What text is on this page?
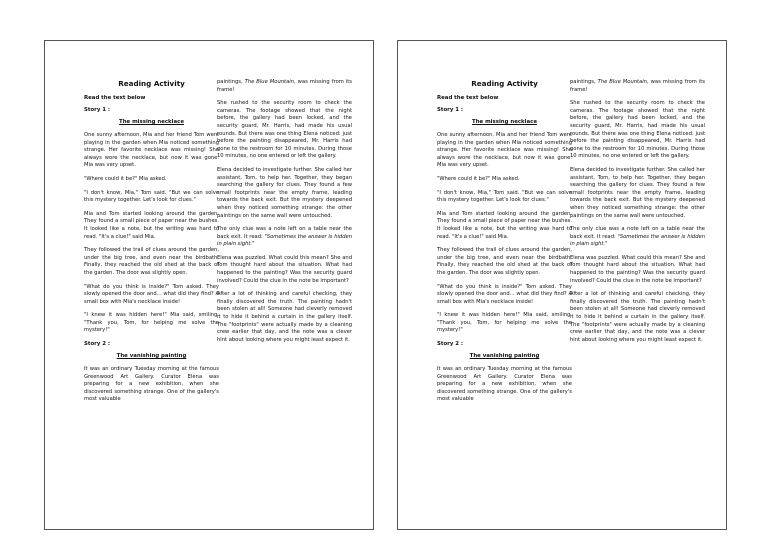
Reading Activity
Read the text below
Story 1 :
The missing necklace

One sunny afternoon, Mia and her friend Tom were playing in the garden when Mia noticed something strange. Her favorite necklace was missing! She always wore the necklace, but now it was gone. Mia was very upset.

"Where could it be?" Mia asked.

"I don't know, Mia," Tom said. "But we can solve this mystery together. Let's look for clues."

Mia and Tom started looking around the garden. They found a small piece of paper near the bushes. It looked like a note, but the writing was hard to read. "It's a clue!" said Mia.

They followed the trail of clues around the garden, under the big tree, and even near the birdbath. Finally, they reached the old shed at the back of the garden. The door was slightly open.

"What do you think is inside?" Tom asked. They slowly opened the door and... what did they find? A small box with Mia's necklace inside!

"I knew it was hidden here!" Mia said, smiling. "Thank you, Tom, for helping me solve the mystery!"

Story 2 :
The vanishing painting

It was an ordinary Tuesday morning at the famous Greenwood Art Gallery. Curator Elena was preparing for a new exhibition, when she discovered something strange. One of the gallery's most valuable

paintings, The Blue Mountain, was missing from its frame!

She rushed to the security room to check the cameras. The footage showed that the night before, the gallery had been locked, and the security guard, Mr. Harris, had made his usual rounds. But there was one thing Elena noticed: just before the painting disappeared, Mr. Harris had gone to the restroom for 10 minutes. During those 10 minutes, no one entered or left the gallery.

Elena decided to investigate further. She called her assistant, Tom, to help her. Together, they began searching the gallery for clues. They found a few small footprints near the empty frame, leading towards the back exit. But the mystery deepened when they noticed something strange: the other paintings on the same wall were untouched.

The only clue was a note left on a table near the back exit. It read: "Sometimes the answer is hidden in plain sight."

Elena was puzzled. What could this mean? She and Tom thought hard about the situation. What had happened to the painting? Was the security guard involved? Could the clue in the note be important?

After a lot of thinking and careful checking, they finally discovered the truth. The painting hadn't been stolen at all! Someone had cleverly removed it to hide it behind a curtain in the gallery itself. The "footprints" were actually made by a cleaning crew earlier that day, and the note was a clever hint about looking where you might least expect it.

Reading Activity
Read the text below
Story 1 :
The missing necklace

One sunny afternoon, Mia and her friend Tom were playing in the garden when Mia noticed something strange. Her favorite necklace was missing! She always wore the necklace, but now it was gone. Mia was very upset.

"Where could it be?" Mia asked.

"I don't know, Mia," Tom said. "But we can solve this mystery together. Let's look for clues."

Mia and Tom started looking around the garden. They found a small piece of paper near the bushes. It looked like a note, but the writing was hard to read. "It's a clue!" said Mia.

They followed the trail of clues around the garden, under the big tree, and even near the birdbath. Finally, they reached the old shed at the back of the garden. The door was slightly open.

"What do you think is inside?" Tom asked. They slowly opened the door and... what did they find? A small box with Mia's necklace inside!

"I knew it was hidden here!" Mia said, smiling. "Thank you, Tom, for helping me solve the mystery!"

Story 2 :
The vanishing painting

It was an ordinary Tuesday morning at the famous Greenwood Art Gallery. Curator Elena was preparing for a new exhibition, when she discovered something strange. One of the gallery's most valuable

paintings, The Blue Mountain, was missing from its frame!

She rushed to the security room to check the cameras. The footage showed that the night before, the gallery had been locked, and the security guard, Mr. Harris, had made his usual rounds. But there was one thing Elena noticed: just before the painting disappeared, Mr. Harris had gone to the restroom for 10 minutes. During those 10 minutes, no one entered or left the gallery.

Elena decided to investigate further. She called her assistant, Tom, to help her. Together, they began searching the gallery for clues. They found a few small footprints near the empty frame, leading towards the back exit. But the mystery deepened when they noticed something strange: the other paintings on the same wall were untouched.

The only clue was a note left on a table near the back exit. It read: "Sometimes the answer is hidden in plain sight."

Elena was puzzled. What could this mean? She and Tom thought hard about the situation. What had happened to the painting? Was the security guard involved? Could the clue in the note be important?

After a lot of thinking and careful checking, they finally discovered the truth. The painting hadn't been stolen at all! Someone had cleverly removed it to hide it behind a curtain in the gallery itself. The "footprints" were actually made by a cleaning crew earlier that day, and the note was a clever hint about looking where you might least expect it.
